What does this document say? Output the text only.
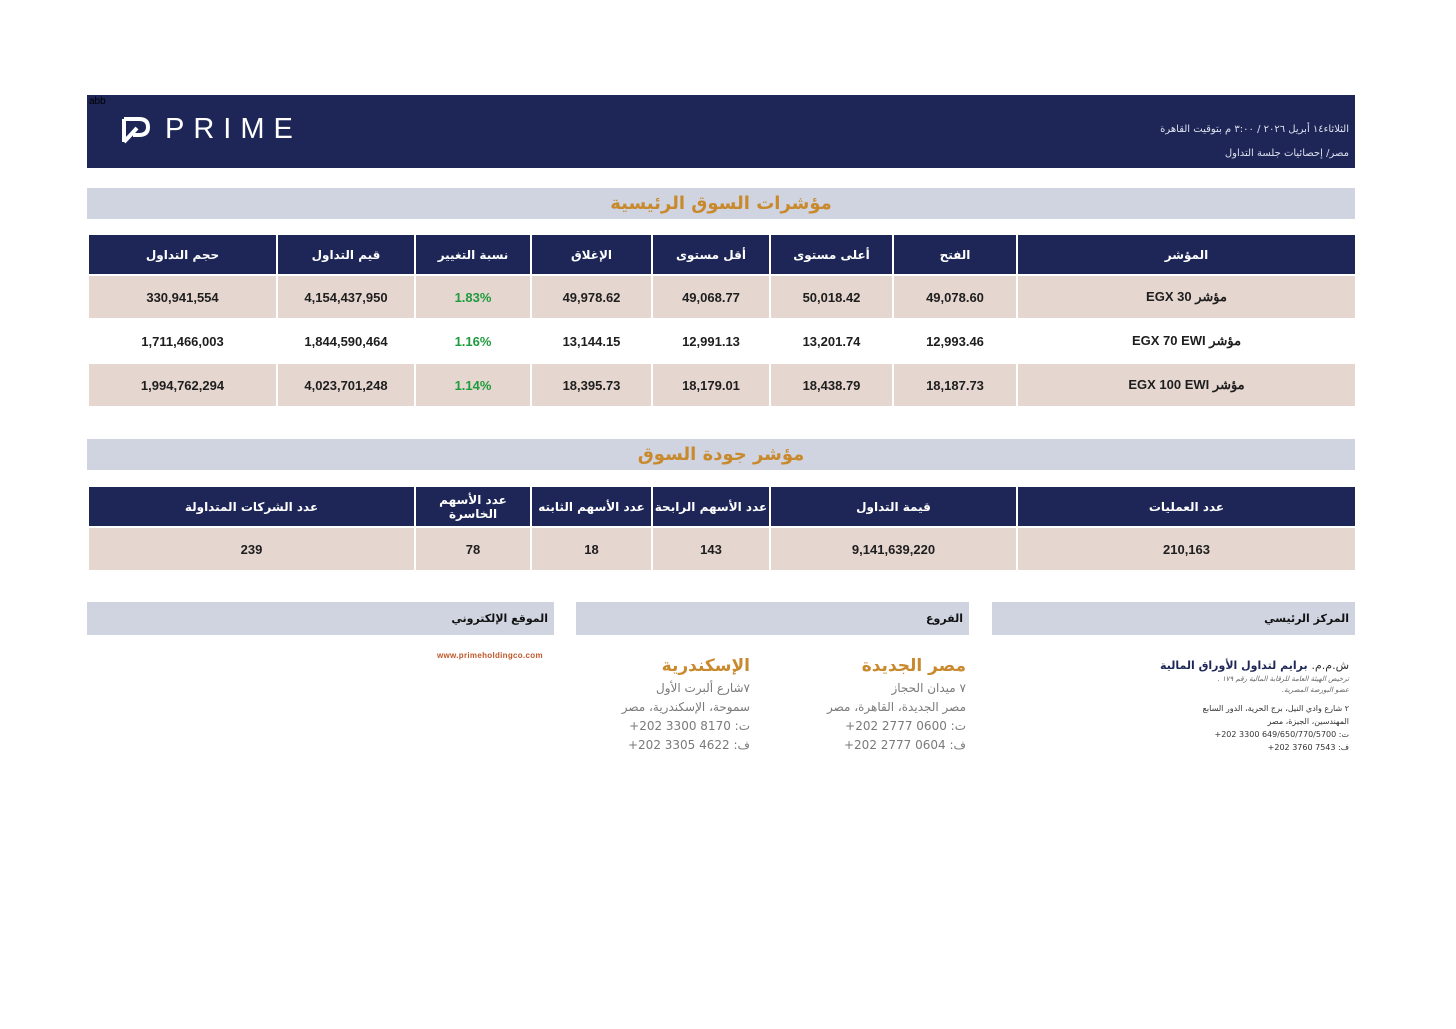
abb
PRIME	الثلاثاء١٤ أبريل ٢٠٢٦ / ٣:٠٠ م بتوقيت القاهرة
مصر/ إحصائيات جلسة التداول
مؤشرات السوق الرئيسية
المؤشر	الفتح	أعلى مستوى	أقل مستوى	الإغلاق	نسبة التغيير	قيم التداول	حجم التداول
مؤشر EGX 30	49,078.60	50,018.42	49,068.77	49,978.62	1.83%	4,154,437,950	330,941,554
مؤشر EGX 70 EWI	12,993.46	13,201.74	12,991.13	13,144.15	1.16%	1,844,590,464	1,711,466,003
مؤشر EGX 100 EWI	18,187.73	18,438.79	18,179.01	18,395.73	1.14%	4,023,701,248	1,994,762,294
مؤشر جودة السوق
عدد العمليات	قيمة التداول	عدد الأسهم الرابحة	عدد الأسهم الثابته	عدد الأسهم الخاسرة	عدد الشركات المتداولة
210,163	9,141,639,220	143	18	78	239
الموقع الإلكتروني	الفروع	المركز الرئيسي
www.primeholdingco.com
الإسكندرية
٧شارع ألبرت الأول
سموحة، الإسكندرية، مصر
ت: 8170 3300 202+
ف: 4622 3305 202+
مصر الجديدة
٧ ميدان الحجاز
مصر الجديدة، القاهرة، مصر
ت: 0600 2777 202+
ف: 0604 2777 202+
ش.م.م. برايم لتداول الأوراق المالية
ترخيص الهيئة العامة للرقابة المالية رقم ١٧٩ .
عضو البورصة المصرية.
٢ شارع وادي النيل، برج الحرية، الدور السابع
المهندسين، الجيزة، مصر
ت: 649/650/770/5700 3300 202+
ف: 7543 3760 202+
